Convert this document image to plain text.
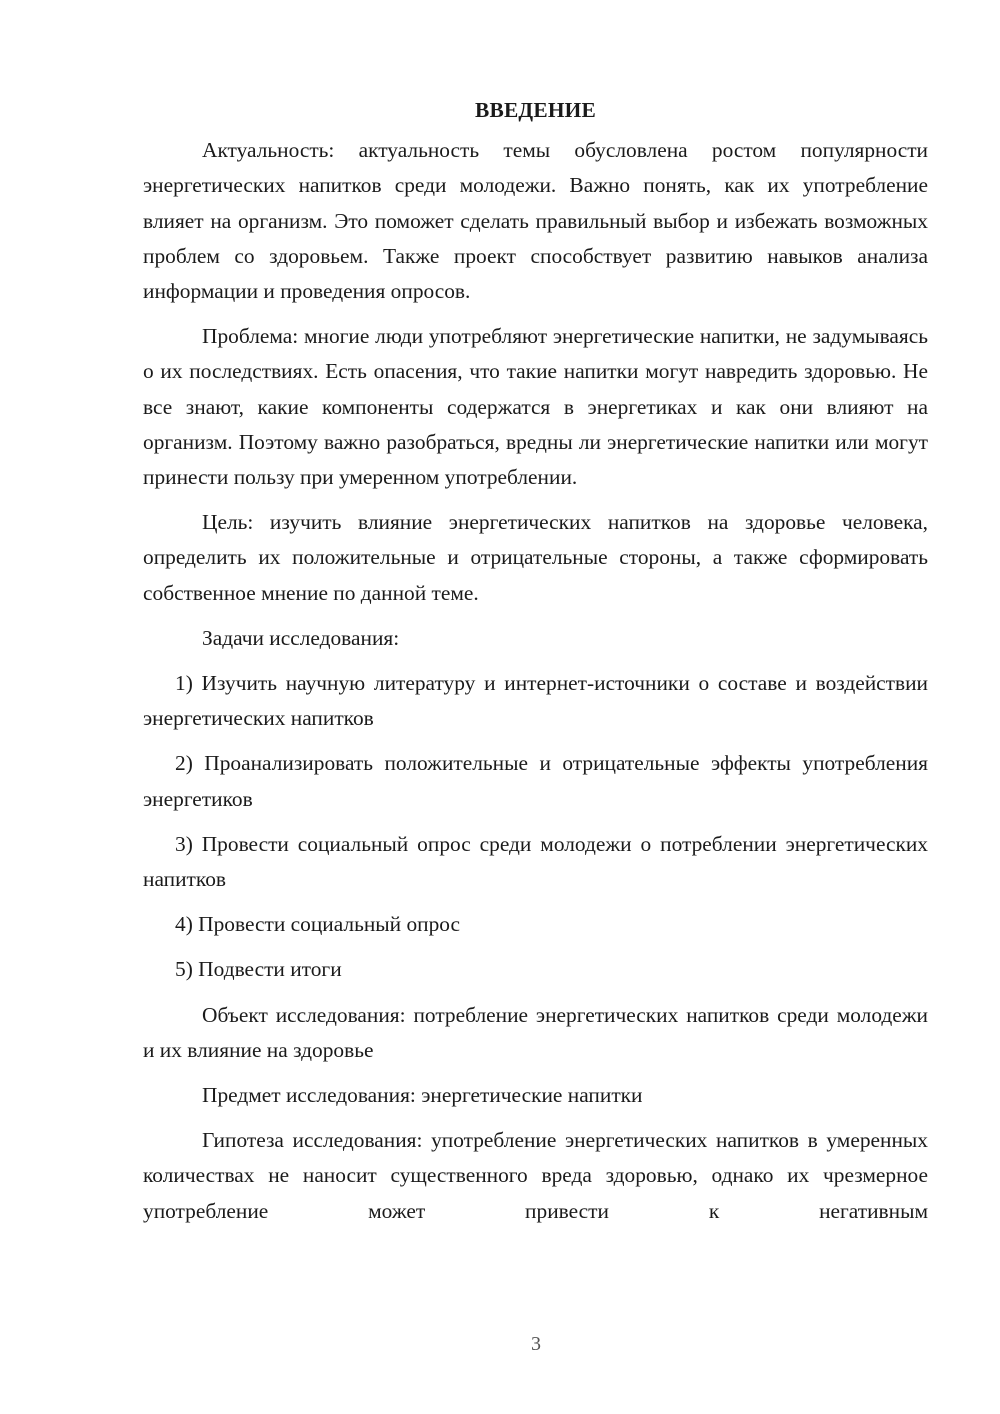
ВВЕДЕНИЕ

Актуальность: актуальность темы обусловлена ростом популярности энергетических напитков среди молодежи. Важно понять, как их употребление влияет на организм. Это поможет сделать правильный выбор и избежать возможных проблем со здоровьем. Также проект способствует развитию навыков анализа информации и проведения опросов.

Проблема: многие люди употребляют энергетические напитки, не задумываясь о их последствиях. Есть опасения, что такие напитки могут навредить здоровью. Не все знают, какие компоненты содержатся в энергетиках и как они влияют на организм. Поэтому важно разобраться, вредны ли энергетические напитки или могут принести пользу при умеренном употреблении.

Цель: изучить влияние энергетических напитков на здоровье человека, определить их положительные и отрицательные стороны, а также сформировать собственное мнение по данной теме.

Задачи исследования:

1) Изучить научную литературу и интернет-источники о составе и воздействии энергетических напитков

2) Проанализировать положительные и отрицательные эффекты употребления энергетиков

3) Провести социальный опрос среди молодежи о потреблении энергетических напитков

4) Провести социальный опрос

5) Подвести итоги

Объект исследования: потребление энергетических напитков среди молодежи и их влияние на здоровье

Предмет исследования: энергетические напитки

Гипотеза исследования: употребление энергетических напитков в умеренных количествах не наносит существенного вреда здоровью, однако их чрезмерное употребление может привести к негативным

3
